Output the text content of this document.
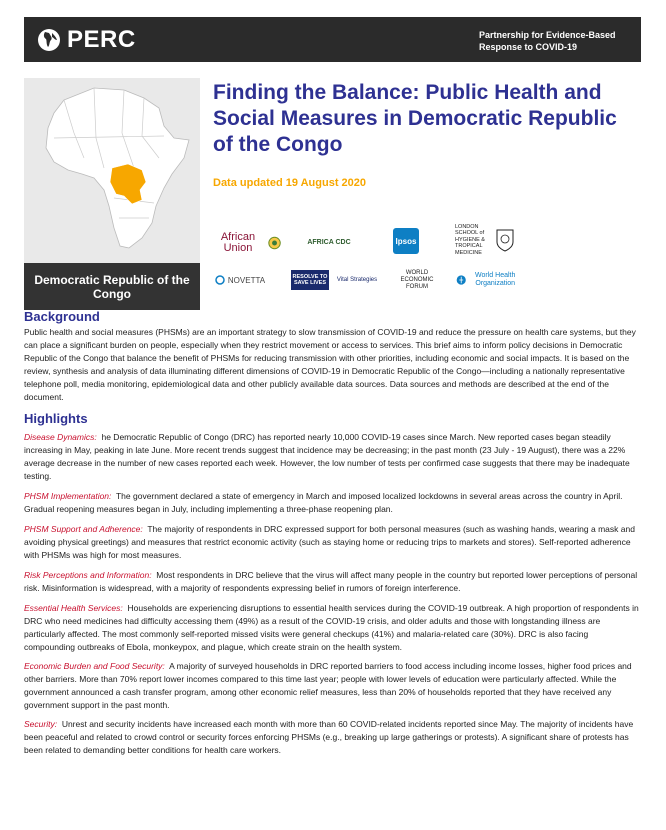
PERC	Partnership for Evidence-Based
Response to COVID-19
Democratic Republic of the Congo
Finding the Balance: Public Health and Social Measures in Democratic Republic of the Congo
Data updated 19 August 2020
African Union	AFRICA CDC	Ipsos
LONDON SCHOOL of HYGIENE & TROPICAL MEDICINE
NOVETTA	RESOLVE TO SAVE LIVES
Vital Strategies
WORLD ECONOMIC FORUM
World Health Organization
Background
Public health and social measures (PHSMs) are an important strategy to slow transmission of COVID-19 and reduce the pressure on health care systems, but they can place a significant burden on people, especially when they restrict movement or access to services. This brief aims to inform policy decisions in Democratic Republic of the Congo that balance the benefit of PHSMs for reducing transmission with other priorities, including economic and social impacts. It is based on the review, synthesis and analysis of data illuminating different dimensions of COVID-19 in Democratic Republic of the Congo—including a nationally representative telephone poll, media monitoring, epidemiological data and other publicly available data sources. Data sources and methods are described at the end of the document.
Highlights
Disease Dynamics: he Democratic Republic of Congo (DRC) has reported nearly 10,000 COVID-19 cases since March. New reported cases began steadily increasing in May, peaking in late June. More recent trends suggest that incidence may be decreasing; in the past month (23 July - 19 August), there was a 22% average decrease in the number of new cases reported each week. However, the low number of tests per confirmed case suggests that there may be inadequate testing.
PHSM Implementation: The government declared a state of emergency in March and imposed localized lockdowns in several areas across the country in April. Gradual reopening measures began in July, including implementing a three-phase reopening plan.
PHSM Support and Adherence: The majority of respondents in DRC expressed support for both personal measures (such as washing hands, wearing a mask and avoiding physical greetings) and measures that restrict economic activity (such as staying home or reducing trips to markets and stores). Self-reported adherence with PHSMs was high for most measures.
Risk Perceptions and Information: Most respondents in DRC believe that the virus will affect many people in the country but reported lower perceptions of personal risk. Misinformation is widespread, with a majority of respondents expressing belief in rumors of foreign interference.
Essential Health Services: Households are experiencing disruptions to essential health services during the COVID-19 outbreak. A high proportion of respondents in DRC who need medicines had difficulty accessing them (49%) as a result of the COVID-19 crisis, and older adults and those with longstanding illness are particularly affected. The most commonly self-reported missed visits were general checkups (41%) and malaria-related care (30%). DRC is also facing compounding outbreaks of Ebola, monkeypox, and plague, which create strain on the health system.
Economic Burden and Food Security: A majority of surveyed households in DRC reported barriers to food access including income losses, higher food prices and other barriers. More than 70% report lower incomes compared to this time last year; people with lower levels of education were particularly affected. While the government announced a cash transfer program, among other economic relief measures, less than 20% of households reported that they have received any government support in the past month.
Security: Unrest and security incidents have increased each month with more than 60 COVID-related incidents reported since May. The majority of incidents have been peaceful and related to crowd control or security forces enforcing PHSMs (e.g., breaking up large gatherings or protests). A significant share of protests has been related to demanding better conditions for health care workers.
